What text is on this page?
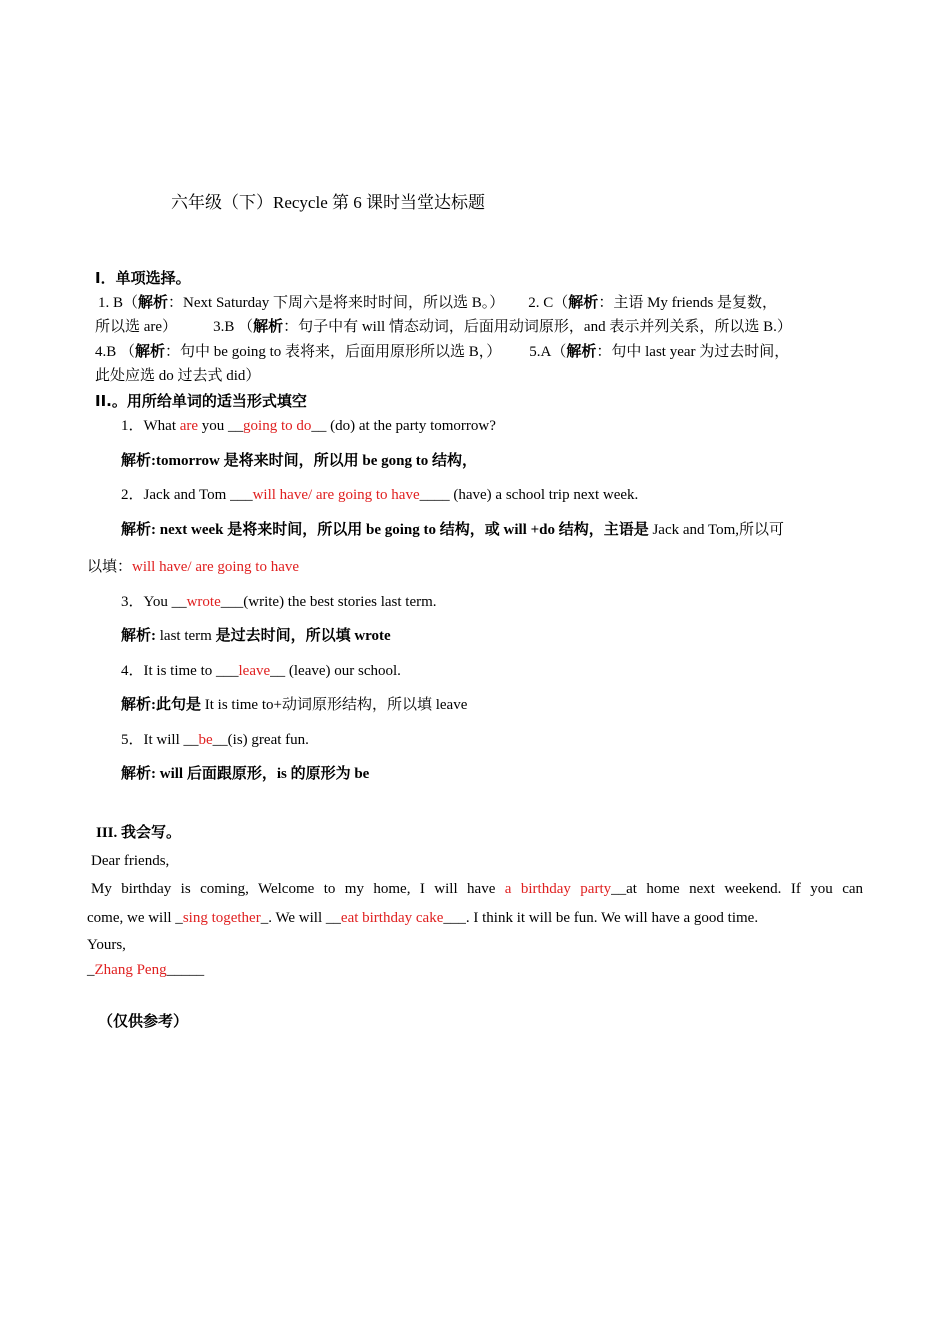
六年级（下）Recycle 第 6 课时当堂达标题
Ⅰ．单项选择。
1. B（解析：Next Saturday 下周六是将来时时间，所以选 B。） 2. C（解析：主语 My friends 是复数，
所以选 are） 3.B （解析：句子中有 will 情态动词，后面用动词原形，and 表示并列关系，所以选 B.）
4.B （解析：句中 be going to 表将来，后面用原形所以选 B，） 5.A（解析：句中 last year 为过去时间，
此处应选 do 过去式 did）
II.。用所给单词的适当形式填空
1．What are you __going to do__ (do) at the party tomorrow?
解析:tomorrow 是将来时间，所以用 be gong to 结构，
2．Jack and Tom ___will have/ are going to have____ (have) a school trip next week.
解析: next week 是将来时间，所以用 be going to 结构，或 will +do 结构，主语是 Jack and Tom,所以可
以填：will have/ are going to have
3．You __wrote___(write) the best stories last term.
解析: last term 是过去时间，所以填 wrote
4．It is time to ___leave__ (leave) our school.
解析:此句是 It is time to+动词原形结构，所以填 leave
5．It will __be__(is) great fun.
解析: will 后面跟原形，is 的原形为 be
III. 我会写。
Dear friends,
My birthday is coming, Welcome to my home, I will have a birthday party__at home next weekend. If you can
come, we will _sing together_. We will __eat birthday cake___. I think it will be fun. We will have a good time.
Yours,
_Zhang Peng_____
（仅供参考）
